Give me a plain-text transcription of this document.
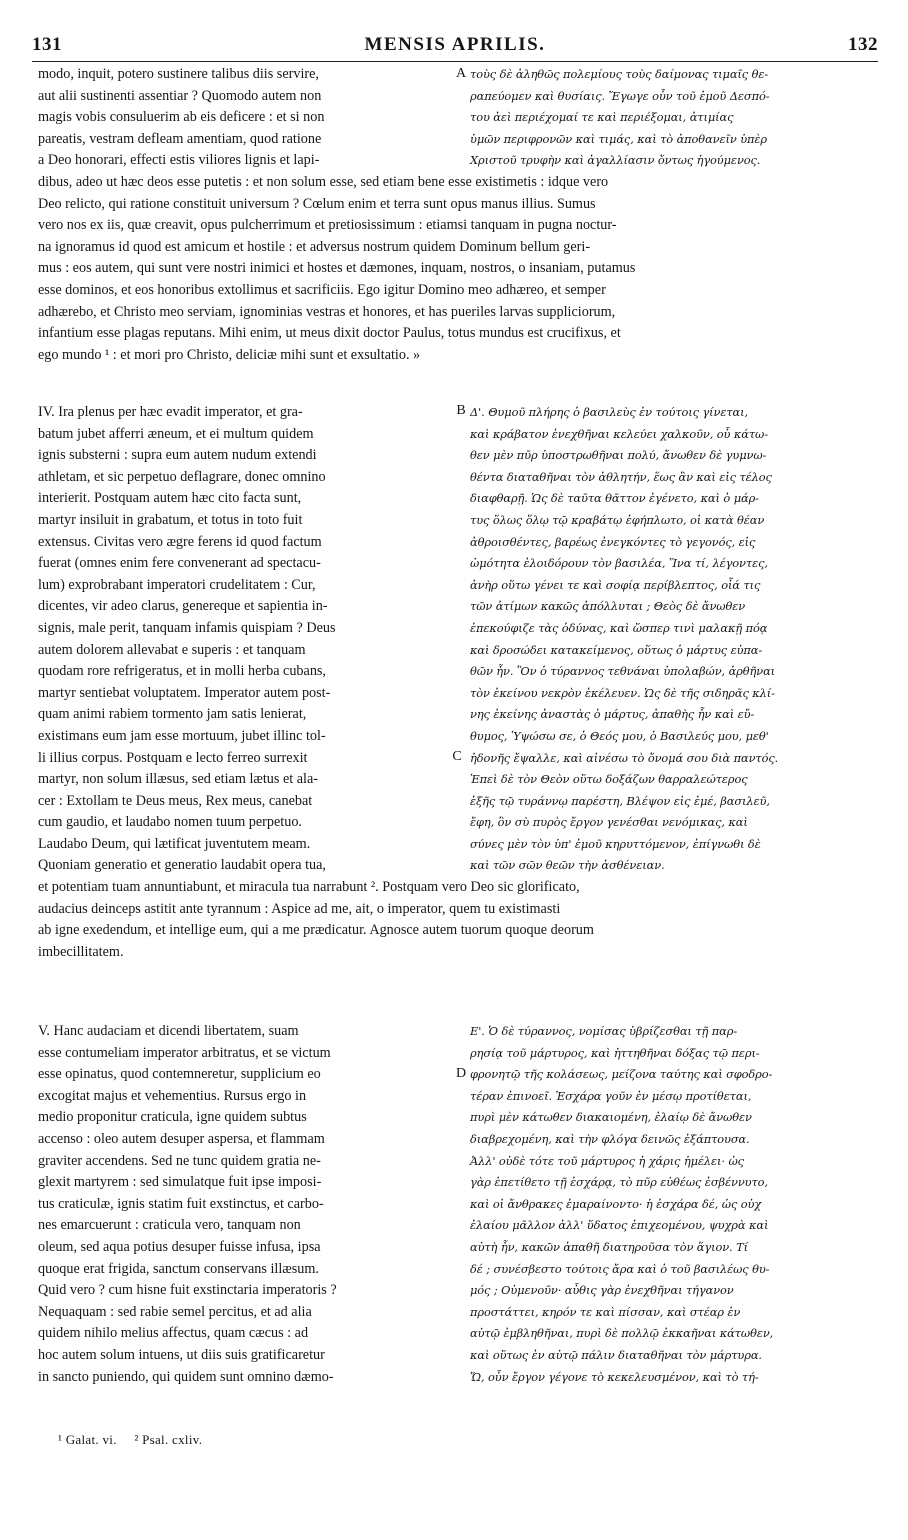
131	MENSIS APRILIS.	132
modo, inquit, potero sustinere talibus diis servire,
aut alii sustinenti assentiar ? Quomodo autem non
magis vobis consuluerim ab eis deficere : et si non
pareatis, vestram defleam amentiam, quod ratione
a Deo honorari, effecti estis viliores lignis et lapi-
τοὺς δὲ ἀληθῶς πολεμίους τοὺς δαίμονας τιμαῖς θε-
ραπεύομεν καὶ θυσίαις. Ἔγωγε οὖν τοῦ ἐμοῦ Δεσπό-
του ἀεὶ περιέχομαί τε καὶ περιέξομαι, ἀτιμίας
ὑμῶν περιφρονῶν καὶ τιμάς, καὶ τὸ ἀποθανεῖν ὑπὲρ
Χριστοῦ τρυφὴν καὶ ἀγαλλίασιν ὄντως ἡγούμενος.
dibus, adeo ut hæc deos esse putetis : et non solum esse, sed etiam bene esse existimetis : idque vero
Deo relicto, qui ratione constituit universum ? Cœlum enim et terra sunt opus manus illius. Sumus
vero nos ex iis, quæ creavit, opus pulcherrimum et pretiosissimum : etiamsi tanquam in pugna noctur-
na ignoramus id quod est amicum et hostile : et adversus nostrum quidem Dominum bellum geri-
mus : eos autem, qui sunt vere nostri inimici et hostes et dæmones, inquam, nostros, o insaniam, putamus
esse dominos, et eos honoribus extollimus et sacrificiis. Ego igitur Domino meo adhæreo, et semper
adhærebo, et Christo meo serviam, ignominias vestras et honores, et has pueriles larvas suppliciorum,
infantium esse plagas reputans. Mihi enim, ut meus dixit doctor Paulus, totus mundus est crucifixus, et
ego mundo ¹ : et mori pro Christo, deliciæ mihi sunt et exsultatio. »
IV. Ira plenus per hæc evadit imperator, et gra-
batum jubet afferri æneum, et ei multum quidem
ignis substerni : supra eum autem nudum extendi
athletam, et sic perpetuo deflagrare, donec omnino
interierit. Postquam autem hæc cito facta sunt,
martyr insiluit in grabatum, et totus in toto fuit
extensus. Civitas vero ægre ferens id quod factum
fuerat (omnes enim fere convenerant ad spectacu-
lum) exprobrabant imperatori crudelitatem : Cur,
dicentes, vir adeo clarus, genereque et sapientia in-
signis, male perit, tanquam infamis quispiam ? Deus
autem dolorem allevabat e superis : et tanquam
quodam rore refrigeratus, et in molli herba cubans,
martyr sentiebat voluptatem. Imperator autem post-
quam animi rabiem tormento jam satis lenierat,
existimans eum jam esse mortuum, jubet illinc tol-
li illius corpus. Postquam e lecto ferreo surrexit
martyr, non solum illæsus, sed etiam lætus et ala-
cer : Extollam te Deus meus, Rex meus, canebat
cum gaudio, et laudabo nomen tuum perpetuo.
Laudabo Deum, qui lætificat juventutem meam.
Quoniam generatio et generatio laudabit opera tua,
Δ'. Θυμοῦ πλήρης ὁ βασιλεὺς ἐν τούτοις γίνεται,
καὶ κράβατον ἐνεχθῆναι κελεύει χαλκοῦν, οὗ κάτω-
θεν μὲν πῦρ ὑποστρωθῆναι πολύ, ἄνωθεν δὲ γυμνω-
θέντα διαταθῆναι τὸν ἀθλητήν, ἕως ἂν καὶ εἰς τέλος
διαφθαρῇ. Ὡς δὲ ταῦτα θᾶττον ἐγένετο, καὶ ὁ μάρ-
τυς ὅλως ὅλῳ τῷ κραβάτῳ ἐφήπλωτο, οἱ κατὰ θέαν
ἀθροισθέντες, βαρέως ἐνεγκόντες τὸ γεγονός, εἰς
ὠμότητα ἐλοιδόρουν τὸν βασιλέα, Ἵνα τί, λέγοντες,
ἀνὴρ οὕτω γένει τε καὶ σοφίᾳ περίβλεπτος, οἷά τις
τῶν ἀτίμων κακῶς ἀπόλλυται ; Θεὸς δὲ ἄνωθεν
ἐπεκούφιζε τὰς ὀδύνας, καὶ ὥσπερ τινὶ μαλακῇ πόᾳ
καὶ δροσώδει κατακείμενος, οὕτως ὁ μάρτυς εὐπα-
θῶν ἦν. Ὃν ὁ τύραννος τεθνάναι ὑπολαβών, ἀρθῆναι
τὸν ἐκείνου νεκρὸν ἐκέλευεν. Ὡς δὲ τῆς σιδηρᾶς κλί-
νης ἐκείνης ἀναστὰς ὁ μάρτυς, ἀπαθὴς ἦν καὶ εὔ-
θυμος, Ὑψώσω σε, ὁ Θεός μου, ὁ Βασιλεύς μου, μεθ'
ἡδονῆς ἔψαλλε, καὶ αἰνέσω τὸ ὄνομά σου διὰ παντός.
Ἐπεὶ δὲ τὸν Θεὸν οὕτω δοξάζων θαρραλεώτερος
ἑξῆς τῷ τυράννῳ παρέστη, Βλέψον εἰς ἐμέ, βασιλεῦ,
ἔφη, ὃν σὺ πυρὸς ἔργον γενέσθαι νενόμικας, καὶ
σύνες μὲν τὸν ὑπ' ἐμοῦ κηρυττόμενον, ἐπίγνωθι δὲ
καὶ τῶν σῶν θεῶν τὴν ἀσθένειαν.
et potentiam tuam annuntiabunt, et miracula tua narrabunt ². Postquam vero Deo sic glorificato,
audacius deinceps astitit ante tyrannum : Aspice ad me, ait, o imperator, quem tu existimasti
ab igne exedendum, et intellige eum, qui a me prædicatur. Agnosce autem tuorum quoque deorum
imbecillitatem.
V. Hanc audaciam et dicendi libertatem, suam
esse contumeliam imperator arbitratus, et se victum
esse opinatus, quod contemneretur, supplicium eo
excogitat majus et vehementius. Rursus ergo in
medio proponitur craticula, igne quidem subtus
accenso : oleo autem desuper aspersa, et flammam
graviter accendens. Sed ne tunc quidem gratia ne-
glexit martyrem : sed simulatque fuit ipse imposi-
tus craticulæ, ignis statim fuit exstinctus, et carbo-
nes emarcuerunt : craticula vero, tanquam non
oleum, sed aqua potius desuper fuisse infusa, ipsa
quoque erat frigida, sanctum conservans illæsum.
Quid vero ? cum hisne fuit exstinctaria imperatoris ?
Nequaquam : sed rabie semel percitus, et ad alia
quidem nihilo melius affectus, quam cæcus : ad
hoc autem solum intuens, ut diis suis gratificaretur
in sancto puniendo, qui quidem sunt omnino dæmo-
Ε'. Ὁ δὲ τύραννος, νομίσας ὑβρίζεσθαι τῇ παρ-
ρησίᾳ τοῦ μάρτυρος, καὶ ἡττηθῆναι δόξας τῷ περι-
φρονητῷ τῆς κολάσεως, μείζονα ταύτης καὶ σφοδρο-
τέραν ἐπινοεῖ. Ἐσχάρα γοῦν ἐν μέσῳ προτίθεται,
πυρὶ μὲν κάτωθεν διακαιομένη, ἐλαίῳ δὲ ἄνωθεν
διαβρεχομένη, καὶ τὴν φλόγα δεινῶς ἐξάπτουσα.
Ἀλλ' οὐδὲ τότε τοῦ μάρτυρος ἡ χάρις ἠμέλει· ὡς
γὰρ ἐπετίθετο τῇ ἐσχάρᾳ, τὸ πῦρ εὐθέως ἐσβέννυτο,
καὶ οἱ ἄνθρακες ἐμαραίνοντο· ἡ ἐσχάρα δέ, ὡς οὐχ
ἐλαίου μᾶλλον ἀλλ' ὕδατος ἐπιχεομένου, ψυχρὰ καὶ
αὐτὴ ἦν, κακῶν ἀπαθῆ διατηροῦσα τὸν ἅγιον. Τί
δέ ; συνέσβεστο τούτοις ἄρα καὶ ὁ τοῦ βασιλέως θυ-
μός ; Οὐμενοῦν· αὖθις γὰρ ἐνεχθῆναι τήγανον
προστάττει, κηρόν τε καὶ πίσσαν, καὶ στέαρ ἐν
αὐτῷ ἐμβληθῆναι, πυρὶ δὲ πολλῷ ἐκκαῆναι κάτωθεν,
καὶ οὕτως ἐν αὐτῷ πάλιν διαταθῆναι τὸν μάρτυρα.
Ὥ, οὖν ἔργον γέγονε τὸ κεκελευσμένον, καὶ τὸ τή-
A
B
C
D
¹ Galat. vi. ² Psal. cxliv.
